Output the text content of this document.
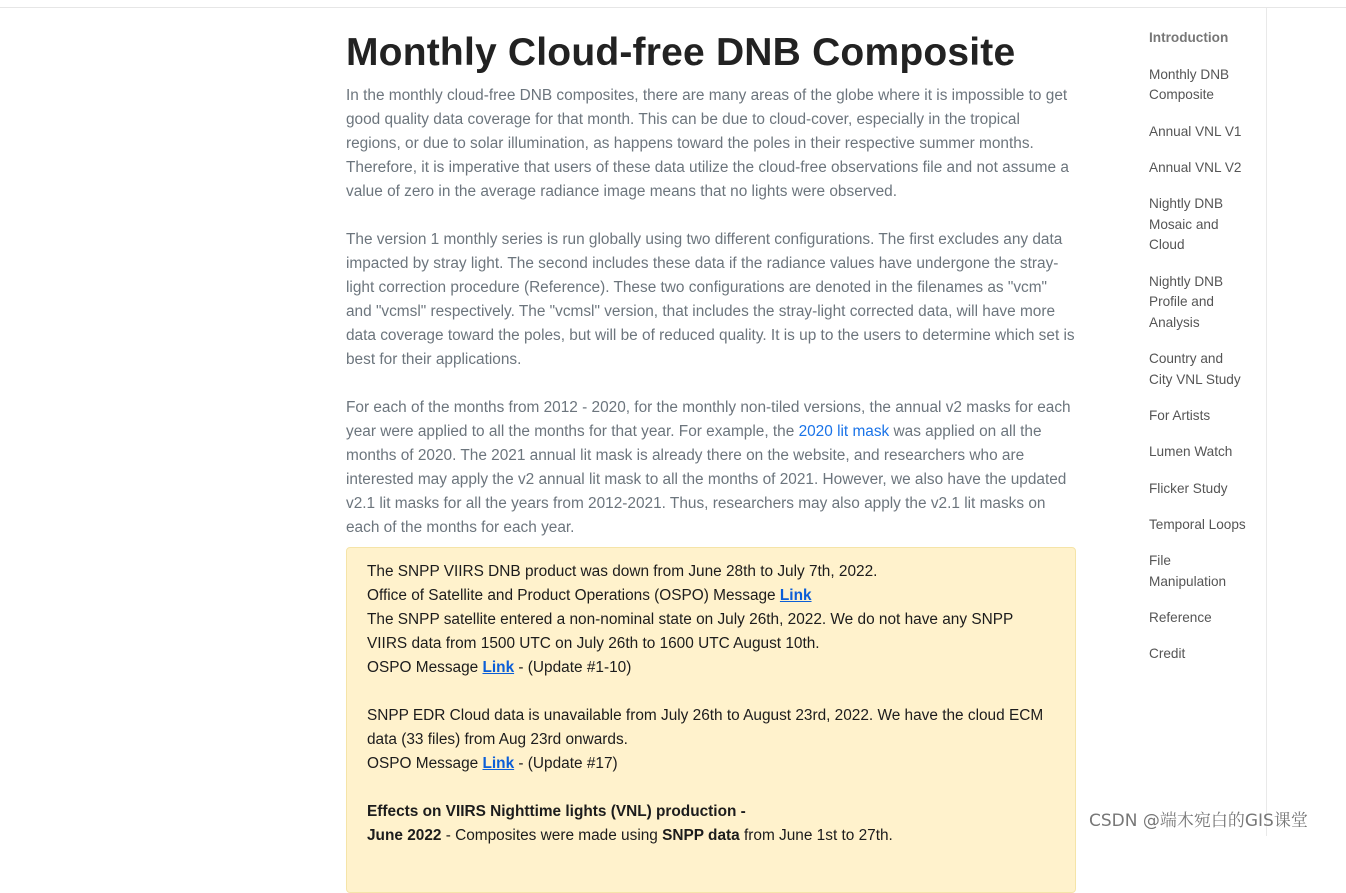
Monthly Cloud-free DNB Composite

In the monthly cloud-free DNB composites, there are many areas of the globe where it is impossible to get good quality data coverage for that month. This can be due to cloud-cover, especially in the tropical regions, or due to solar illumination, as happens toward the poles in their respective summer months. Therefore, it is imperative that users of these data utilize the cloud-free observations file and not assume a value of zero in the average radiance image means that no lights were observed.

The version 1 monthly series is run globally using two different configurations. The first excludes any data impacted by stray light. The second includes these data if the radiance values have undergone the stray-light correction procedure (Reference). These two configurations are denoted in the filenames as "vcm" and "vcmsl" respectively. The "vcmsl" version, that includes the stray-light corrected data, will have more data coverage toward the poles, but will be of reduced quality. It is up to the users to determine which set is best for their applications.

For each of the months from 2012 - 2020, for the monthly non-tiled versions, the annual v2 masks for each year were applied to all the months for that year. For example, the 2020 lit mask was applied on all the months of 2020. The 2021 annual lit mask is already there on the website, and researchers who are interested may apply the v2 annual lit mask to all the months of 2021. However, we also have the updated v2.1 lit masks for all the years from 2012-2021. Thus, researchers may also apply the v2.1 lit masks on each of the months for each year.

The SNPP VIIRS DNB product was down from June 28th to July 7th, 2022.
Office of Satellite and Product Operations (OSPO) Message Link
The SNPP satellite entered a non-nominal state on July 26th, 2022. We do not have any SNPP VIIRS data from 1500 UTC on July 26th to 1600 UTC August 10th.
OSPO Message Link - (Update #1-10)
SNPP EDR Cloud data is unavailable from July 26th to August 23rd, 2022. We have the cloud ECM data (33 files) from Aug 23rd onwards.
OSPO Message Link - (Update #17)
Effects on VIIRS Nighttime lights (VNL) production -
June 2022 - Composites were made using SNPP data from June 1st to 27th.
Introduction
Monthly DNB Composite
Annual VNL V1
Annual VNL V2
Nightly DNB Mosaic and Cloud
Nightly DNB Profile and Analysis
Country and City VNL Study
For Artists
Lumen Watch
Flicker Study
Temporal Loops
File Manipulation
Reference
Credit
CSDN @端木宛白的GIS课堂
